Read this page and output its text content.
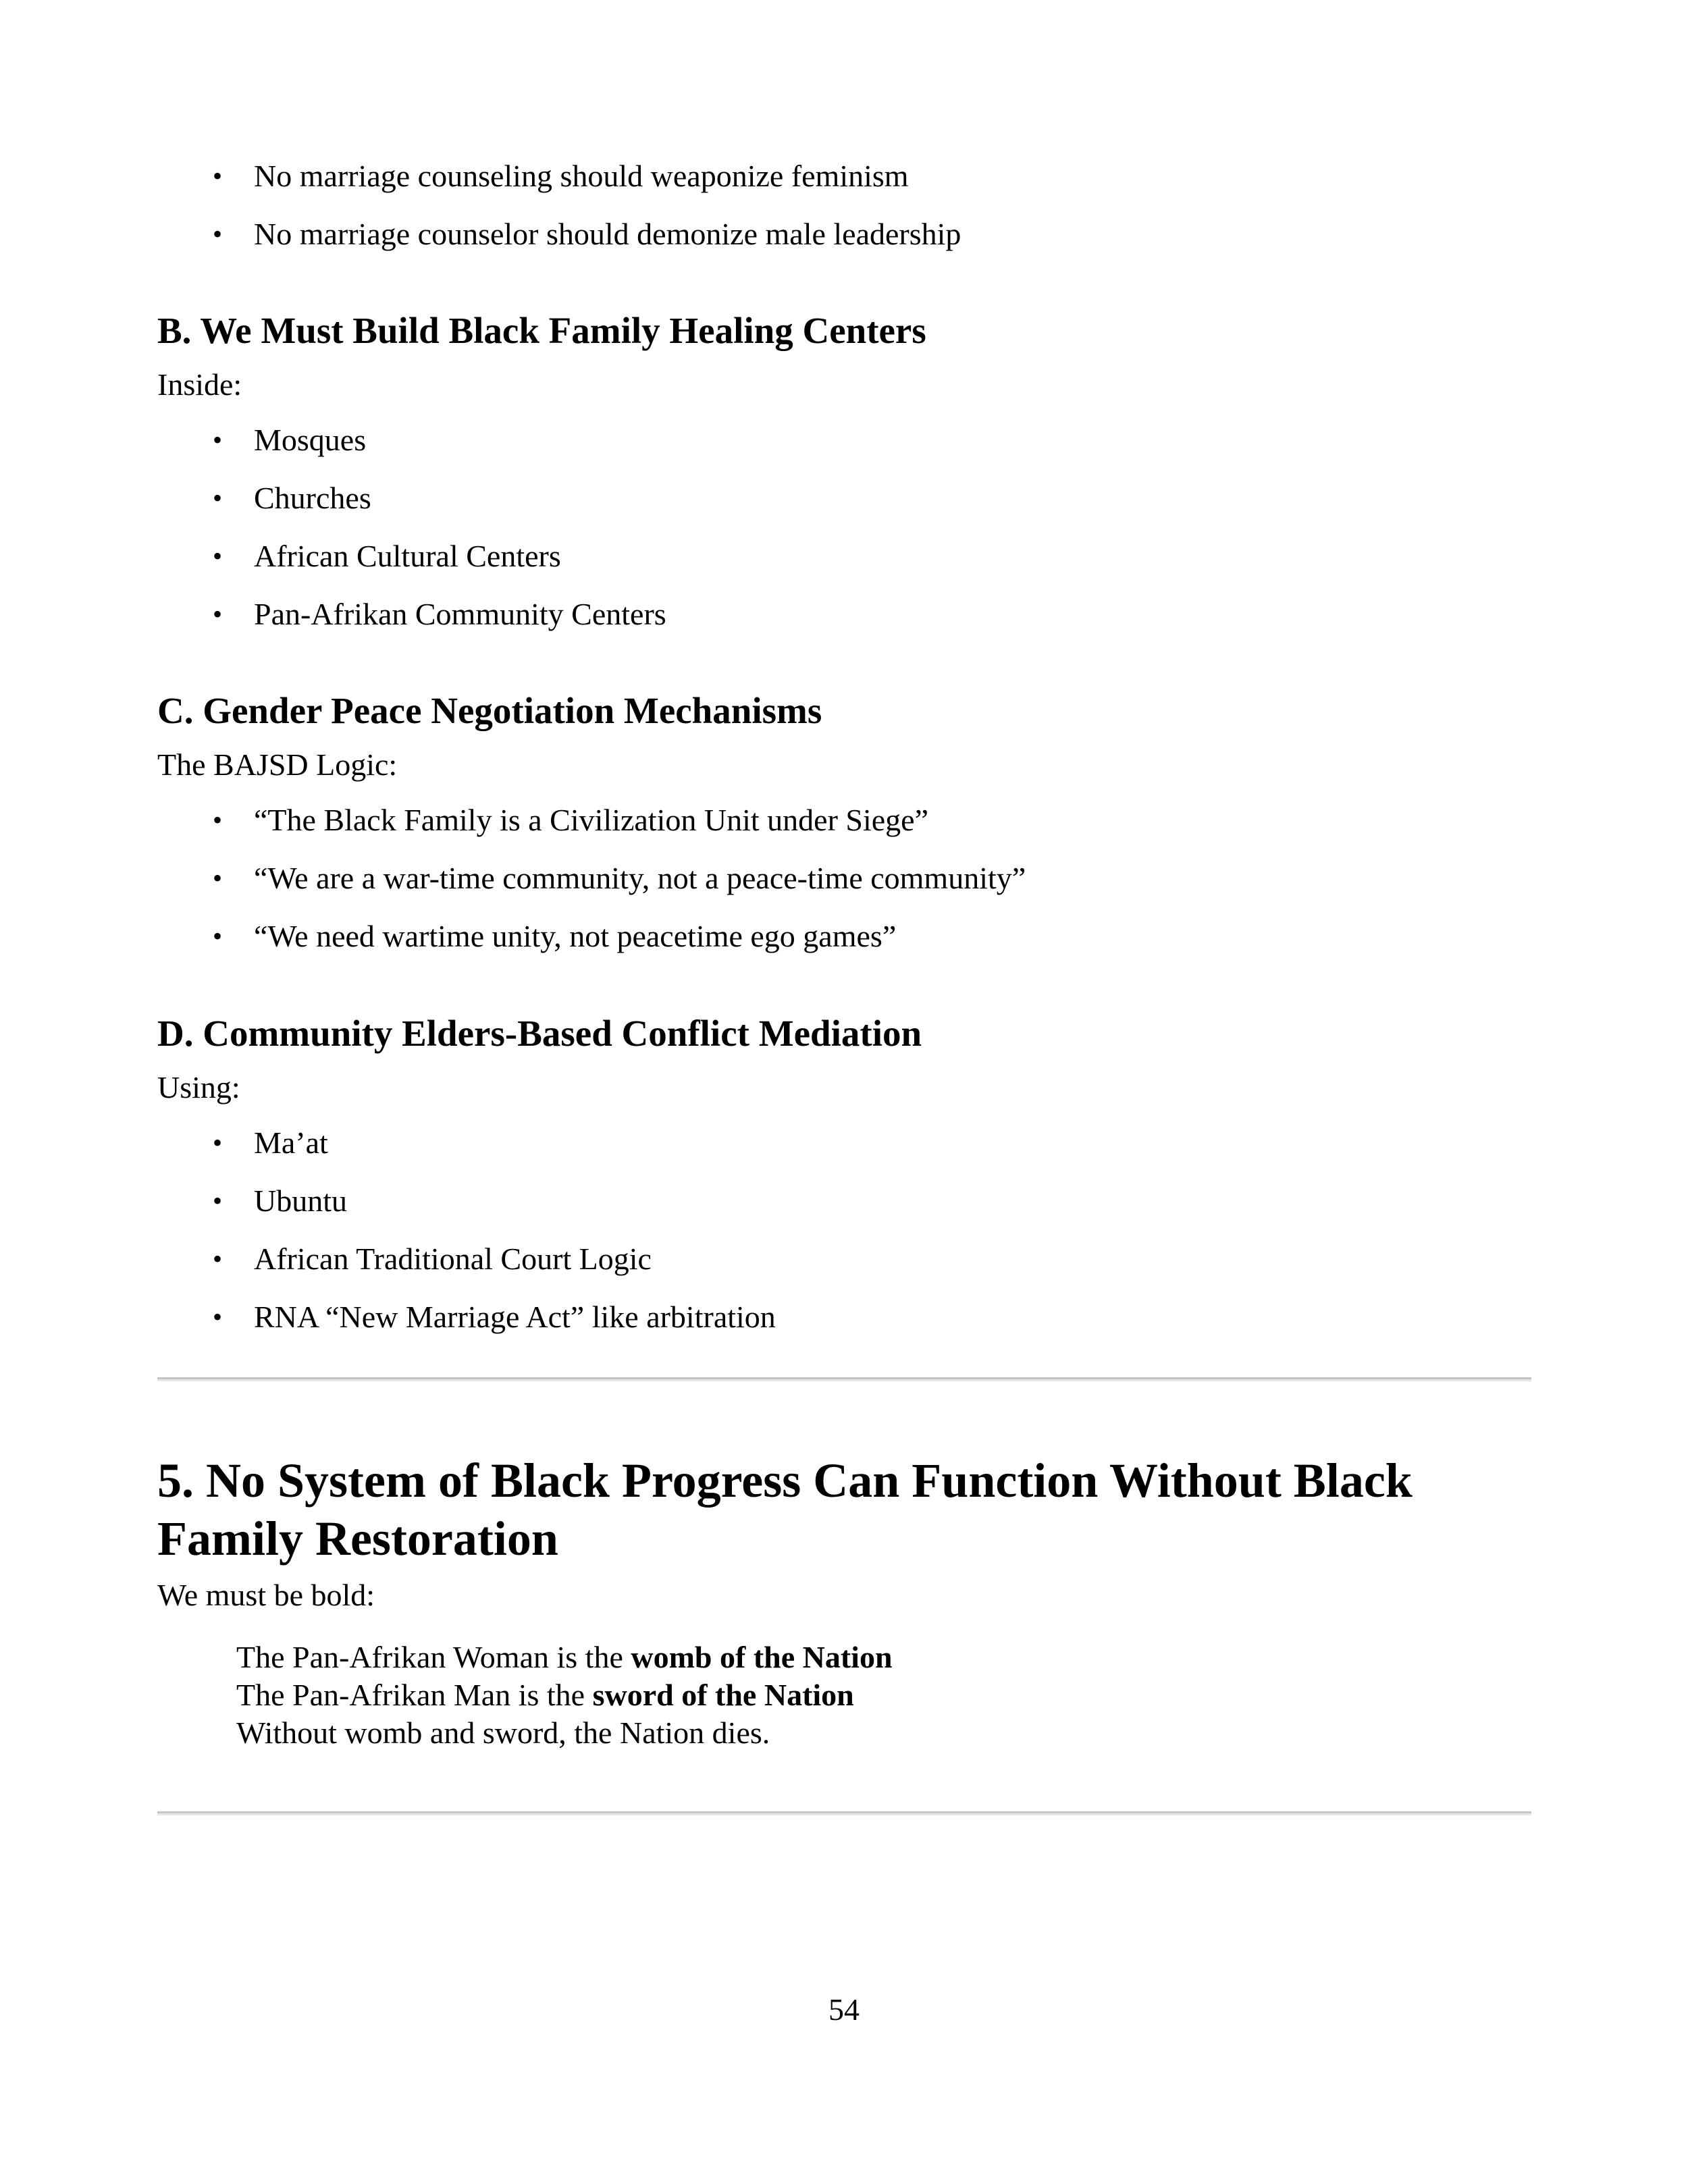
• No marriage counseling should weaponize feminism
• No marriage counselor should demonize male leadership
B. We Must Build Black Family Healing Centers

Inside:

• Mosques
• Churches
• African Cultural Centers
• Pan-Afrikan Community Centers
C. Gender Peace Negotiation Mechanisms

The BAJSD Logic:

• “The Black Family is a Civilization Unit under Siege”
• “We are a war-time community, not a peace-time community”
• “We need wartime unity, not peacetime ego games”
D. Community Elders-Based Conflict Mediation

Using:

• Ma’at
• Ubuntu
• African Traditional Court Logic
• RNA “New Marriage Act” like arbitration
5. No System of Black Progress Can Function Without Black Family Restoration

We must be bold:

The Pan-Afrikan Woman is the womb of the Nation
The Pan-Afrikan Man is the sword of the Nation
Without womb and sword, the Nation dies.
54
